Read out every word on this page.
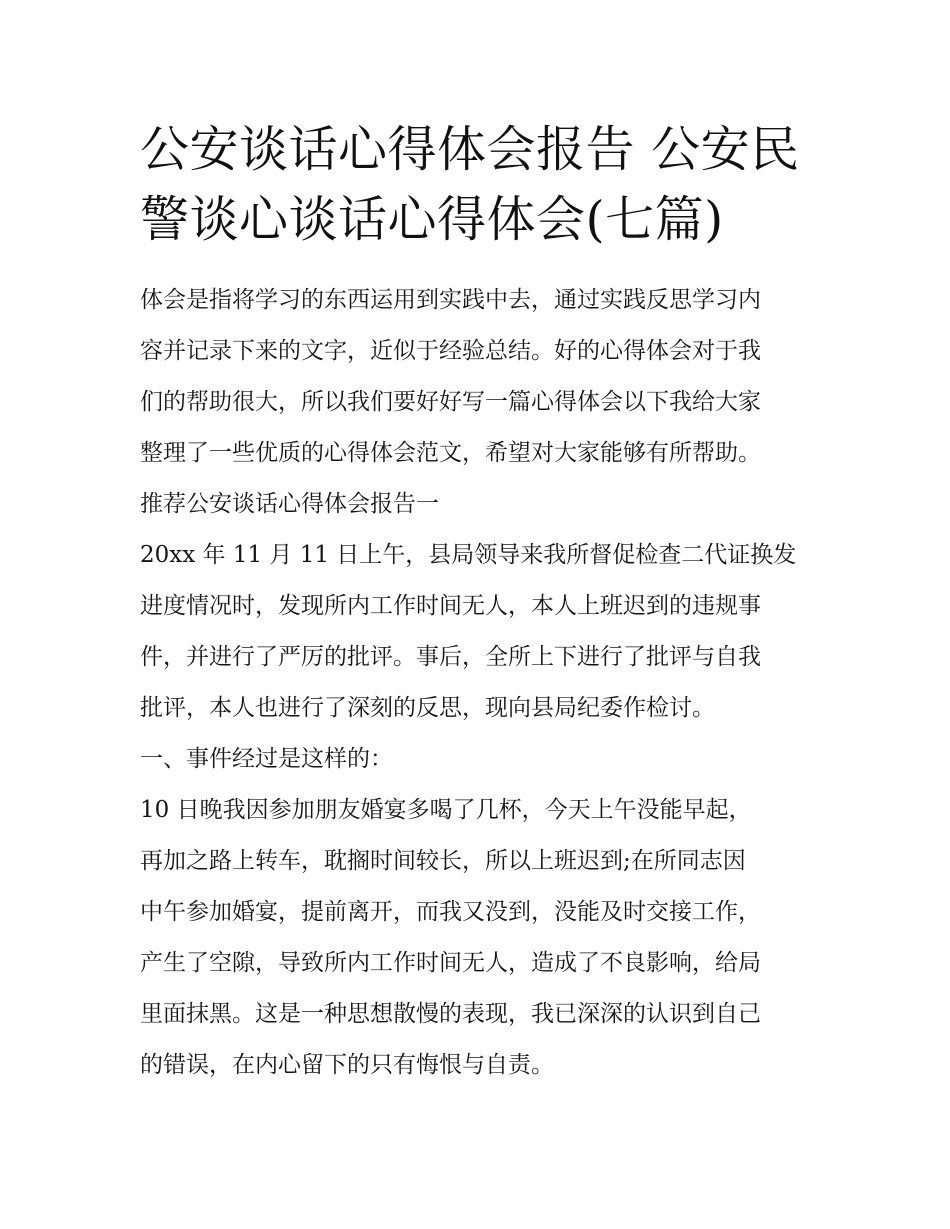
公安谈话心得体会报告 公安民
警谈心谈话心得体会(七篇)

体会是指将学习的东西运用到实践中去，通过实践反思学习内

容并记录下来的文字，近似于经验总结。好的心得体会对于我

们的帮助很大，所以我们要好好写一篇心得体会以下我给大家

整理了一些优质的心得体会范文，希望对大家能够有所帮助。

推荐公安谈话心得体会报告一

20xx 年 11 月 11 日上午，县局领导来我所督促检查二代证换发

进度情况时，发现所内工作时间无人，本人上班迟到的违规事

件，并进行了严厉的批评。事后，全所上下进行了批评与自我

批评，本人也进行了深刻的反思，现向县局纪委作检讨。

一、事件经过是这样的：

10 日晚我因参加朋友婚宴多喝了几杯，今天上午没能早起，

再加之路上转车，耽搁时间较长，所以上班迟到;在所同志因

中午参加婚宴，提前离开，而我又没到，没能及时交接工作，

产生了空隙，导致所内工作时间无人，造成了不良影响，给局

里面抹黑。这是一种思想散慢的表现，我已深深的认识到自己

的错误，在内心留下的只有悔恨与自责。
